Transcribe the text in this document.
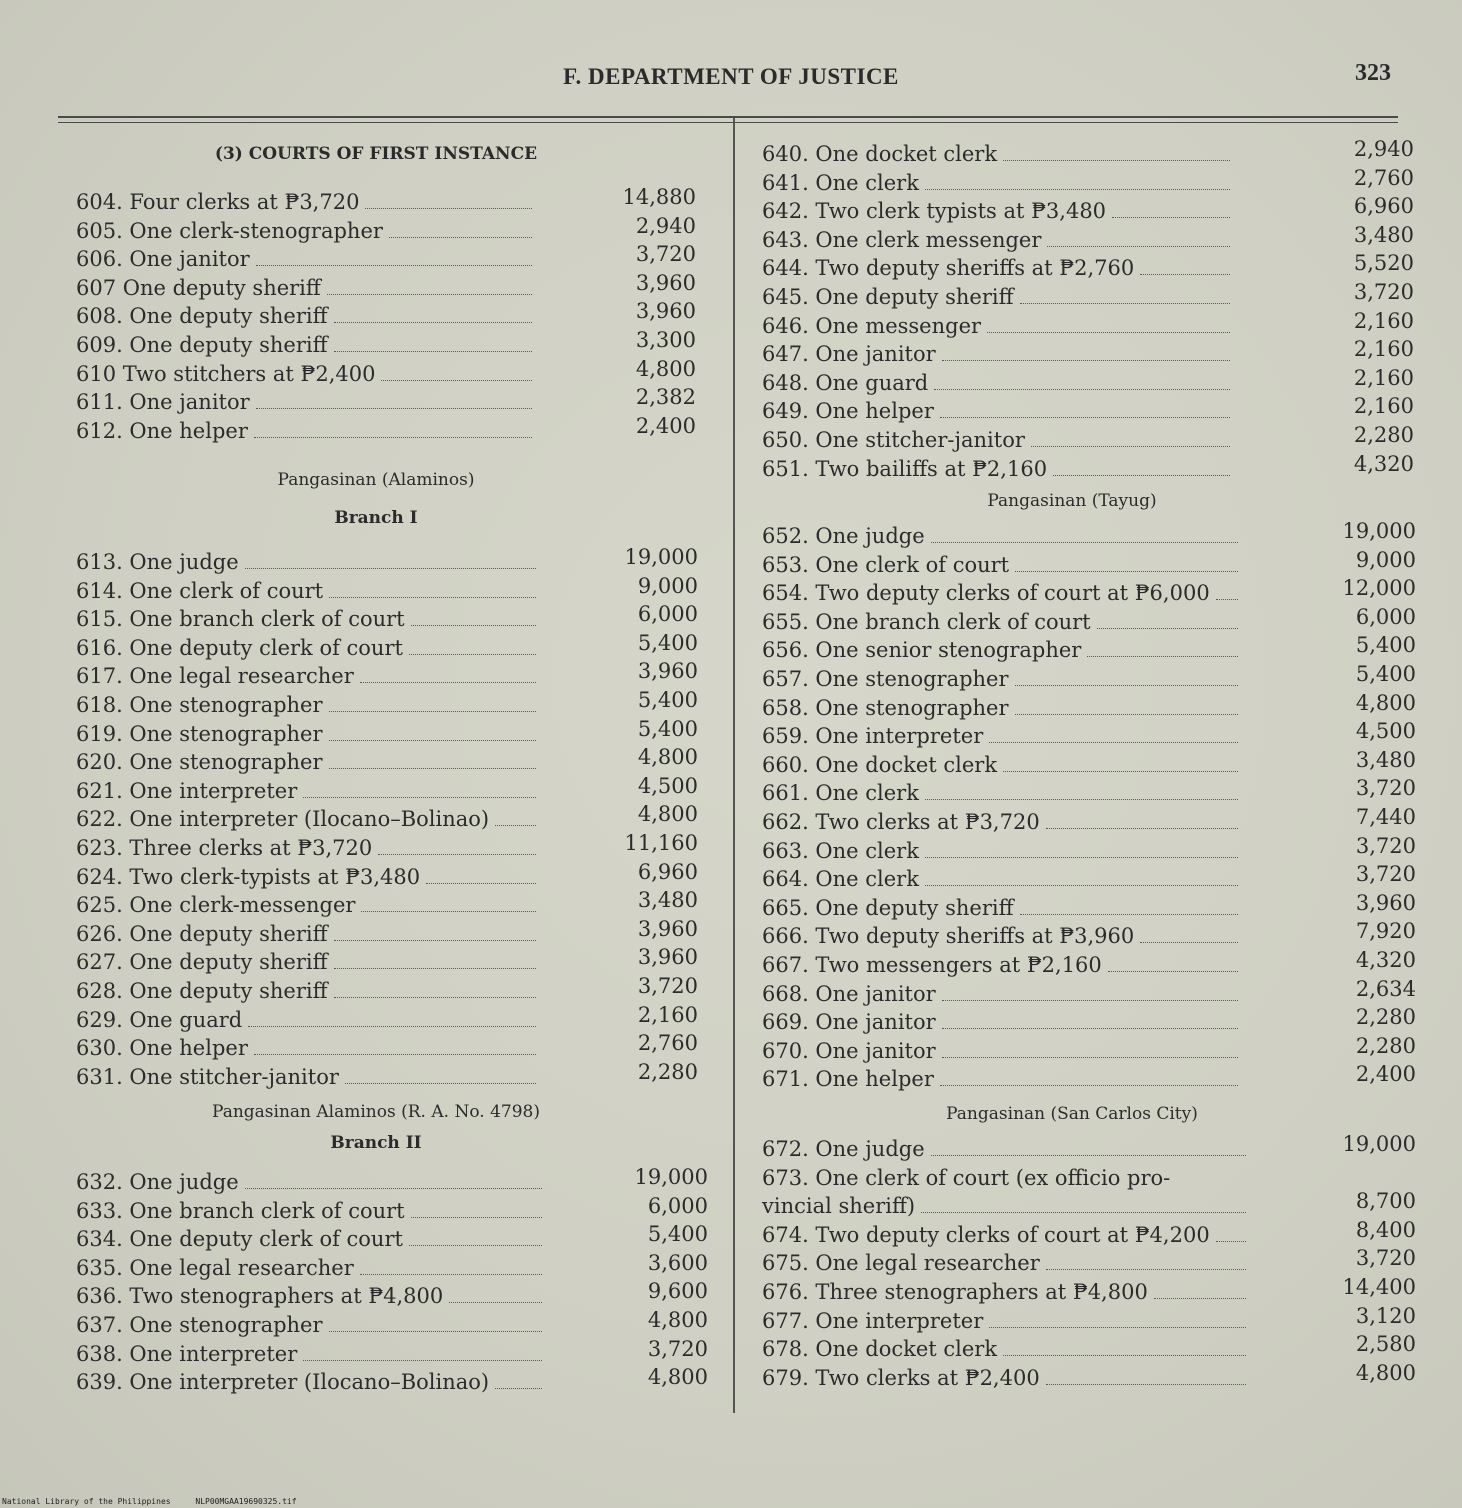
F. DEPARTMENT OF JUSTICE	323
(3) COURTS OF FIRST INSTANCE
604. Four clerks at ₱3,720	14,880
605. One clerk-stenographer	2,940
606. One janitor	3,720
607 One deputy sheriff	3,960
608. One deputy sheriff	3,960
609. One deputy sheriff	3,300
610 Two stitchers at ₱2,400	4,800
611. One janitor	2,382
612. One helper	2,400
Pangasinan (Alaminos)
Branch I
613. One judge	19,000
614. One clerk of court	9,000
615. One branch clerk of court	6,000
616. One deputy clerk of court	5,400
617. One legal researcher	3,960
618. One stenographer	5,400
619. One stenographer	5,400
620. One stenographer	4,800
621. One interpreter	4,500
622. One interpreter (Ilocano–Bolinao)	4,800
623. Three clerks at ₱3,720	11,160
624. Two clerk-typists at ₱3,480	6,960
625. One clerk-messenger	3,480
626. One deputy sheriff	3,960
627. One deputy sheriff	3,960
628. One deputy sheriff	3,720
629. One guard	2,160
630. One helper	2,760
631. One stitcher-janitor	2,280
Pangasinan Alaminos (R. A. No. 4798)
Branch II
632. One judge	19,000
633. One branch clerk of court	6,000
634. One deputy clerk of court	5,400
635. One legal researcher	3,600
636. Two stenographers at ₱4,800	9,600
637. One stenographer	4,800
638. One interpreter	3,720
639. One interpreter (Ilocano–Bolinao)	4,800
640. One docket clerk	2,940
641. One clerk	2,760
642. Two clerk typists at ₱3,480	6,960
643. One clerk messenger	3,480
644. Two deputy sheriffs at ₱2,760	5,520
645. One deputy sheriff	3,720
646. One messenger	2,160
647. One janitor	2,160
648. One guard	2,160
649. One helper	2,160
650. One stitcher-janitor	2,280
651. Two bailiffs at ₱2,160	4,320
Pangasinan (Tayug)
652. One judge	19,000
653. One clerk of court	9,000
654. Two deputy clerks of court at ₱6,000	12,000
655. One branch clerk of court	6,000
656. One senior stenographer	5,400
657. One stenographer	5,400
658. One stenographer	4,800
659. One interpreter	4,500
660. One docket clerk	3,480
661. One clerk	3,720
662. Two clerks at ₱3,720	7,440
663. One clerk	3,720
664. One clerk	3,720
665. One deputy sheriff	3,960
666. Two deputy sheriffs at ₱3,960	7,920
667. Two messengers at ₱2,160	4,320
668. One janitor	2,634
669. One janitor	2,280
670. One janitor	2,280
671. One helper	2,400
Pangasinan (San Carlos City)
672. One judge	19,000
673. One clerk of court (ex officio pro-
vincial sheriff)	8,700
674. Two deputy clerks of court at ₱4,200	8,400
675. One legal researcher	3,720
676. Three stenographers at ₱4,800	14,400
677. One interpreter	3,120
678. One docket clerk	2,580
679. Two clerks at ₱2,400	4,800
National Library of the Philippines	NLP00MGAA19690325.tif
